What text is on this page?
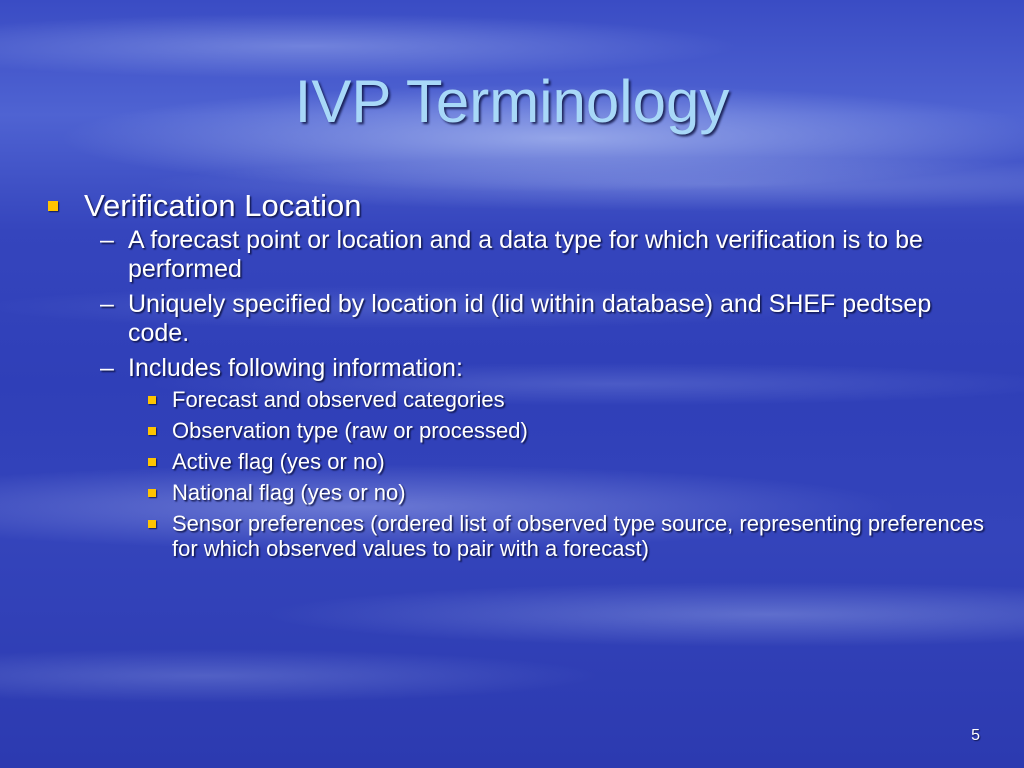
IVP Terminology
Verification Location
– A forecast point or location and a data type for which verification is to be performed
– Uniquely specified by location id (lid within database) and SHEF pedtsep code.
– Includes following information:
Forecast and observed categories
Observation type (raw or processed)
Active flag (yes or no)
National flag (yes or no)
Sensor preferences (ordered list of observed type source, representing preferences for which observed values to pair with a forecast)
5
